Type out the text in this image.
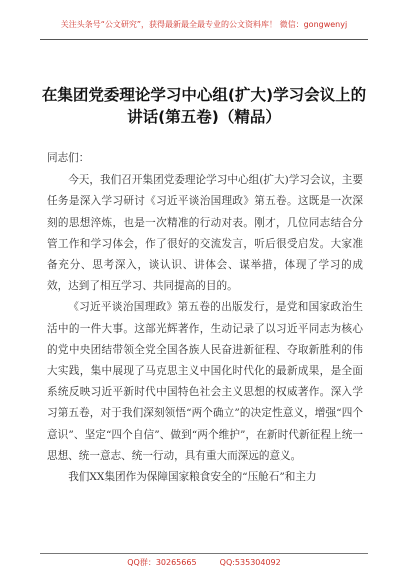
关注头条号“公文研究”，获得最新最全最专业的公文资料库！ 微信：gongwenyj
在集团党委理论学习中心组(扩大)学习会议上的
讲话(第五卷)（精品）

同志们：

今天，我们召开集团党委理论学习中心组(扩大)学习会议，主要任务是深入学习研讨《习近平谈治国理政》第五卷。这既是一次深刻的思想淬炼，也是一次精准的行动对表。刚才，几位同志结合分管工作和学习体会，作了很好的交流发言，听后很受启发。大家准备充分、思考深入，谈认识、讲体会、谋举措，体现了学习的成效，达到了相互学习、共同提高的目的。

《习近平谈治国理政》第五卷的出版发行，是党和国家政治生活中的一件大事。这部光辉著作，生动记录了以习近平同志为核心的党中央团结带领全党全国各族人民奋进新征程、夺取新胜利的伟大实践，集中展现了马克思主义中国化时代化的最新成果，是全面系统反映习近平新时代中国特色社会主义思想的权威著作。深入学习第五卷，对于我们深刻领悟“两个确立”的决定性意义，增强“四个意识”、坚定“四个自信”、做到“两个维护”，在新时代新征程上统一思想、统一意志、统一行动，具有重大而深远的意义。

我们XX集团作为保障国家粮食安全的“压舱石”和主力

QQ群：30265665	QQ:535304092
